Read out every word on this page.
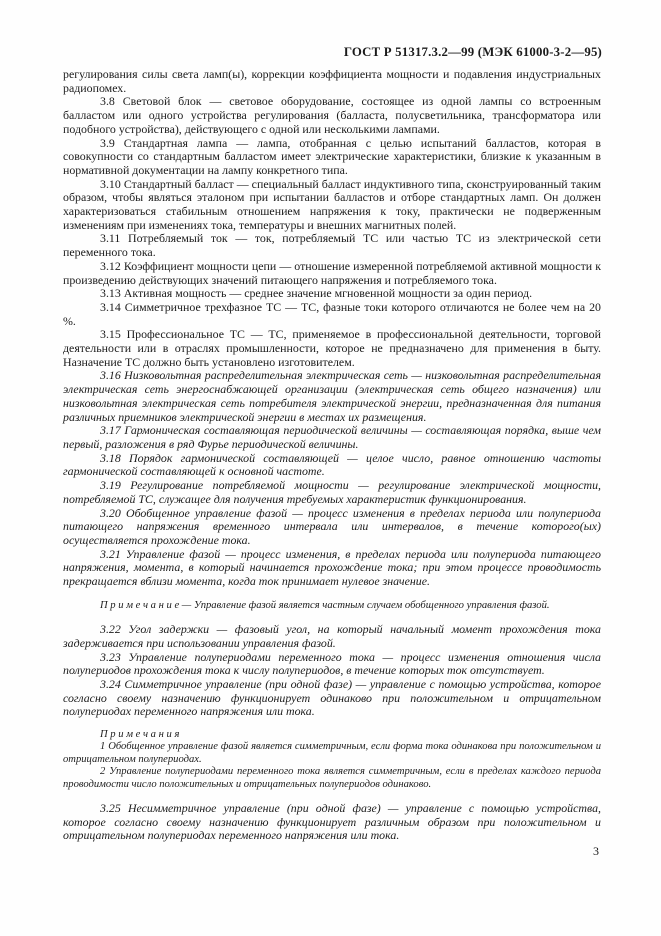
ГОСТ Р 51317.3.2—99 (МЭК 61000-3-2—95)

регулирования силы света ламп(ы), коррекции коэффициента мощности и подавления индустриальных радиопомех.

3.8 Световой блок — световое оборудование, состоящее из одной лампы со встроенным балластом или одного устройства регулирования (балласта, полусветильника, трансформатора или подобного устройства), действующего с одной или несколькими лампами.

3.9 Стандартная лампа — лампа, отобранная с целью испытаний балластов, которая в совокупности со стандартным балластом имеет электрические характеристики, близкие к указанным в нормативной документации на лампу конкретного типа.

3.10 Стандартный балласт — специальный балласт индуктивного типа, сконструированный таким образом, чтобы являться эталоном при испытании балластов и отборе стандартных ламп. Он должен характеризоваться стабильным отношением напряжения к току, практически не подверженным изменениям при изменениях тока, температуры и внешних магнитных полей.

3.11 Потребляемый ток — ток, потребляемый ТС или частью ТС из электрической сети переменного тока.

3.12 Коэффициент мощности цепи — отношение измеренной потребляемой активной мощности к произведению действующих значений питающего напряжения и потребляемого тока.

3.13 Активная мощность — среднее значение мгновенной мощности за один период.

3.14 Симметричное трехфазное ТС — ТС, фазные токи которого отличаются не более чем на 20 %.

3.15 Профессиональное ТС — ТС, применяемое в профессиональной деятельности, торговой деятельности или в отраслях промышленности, которое не предназначено для применения в быту. Назначение ТС должно быть установлено изготовителем.

3.16 Низковольтная распределительная электрическая сеть — низковольтная распределительная электрическая сеть энергоснабжающей организации (электрическая сеть общего назначения) или низковольтная электрическая сеть потребителя электрической энергии, предназначенная для питания различных приемников электрической энергии в местах их размещения.

3.17 Гармоническая составляющая периодической величины — составляющая порядка, выше чем первый, разложения в ряд Фурье периодической величины.

3.18 Порядок гармонической составляющей — целое число, равное отношению частоты гармонической составляющей к основной частоте.

3.19 Регулирование потребляемой мощности — регулирование электрической мощности, потребляемой ТС, служащее для получения требуемых характеристик функционирования.

3.20 Обобщенное управление фазой — процесс изменения в пределах периода или полупериода питающего напряжения временного интервала или интервалов, в течение которого(ых) осуществляется прохождение тока.

3.21 Управление фазой — процесс изменения, в пределах периода или полупериода питающего напряжения, момента, в который начинается прохождение тока; при этом процессе проводимость прекращается вблизи момента, когда ток принимает нулевое значение.

П р и м е ч а н и е — Управление фазой является частным случаем обобщенного управления фазой.

3.22 Угол задержки — фазовый угол, на который начальный момент прохождения тока задерживается при использовании управления фазой.

3.23 Управление полупериодами переменного тока — процесс изменения отношения числа полупериодов прохождения тока к числу полупериодов, в течение которых ток отсутствует.

3.24 Симметричное управление (при одной фазе) — управление с помощью устройства, которое согласно своему назначению функционирует одинаково при положительном и отрицательном полупериодах переменного напряжения или тока.

П р и м е ч а н и я

1 Обобщенное управление фазой является симметричным, если форма тока одинакова при положительном и отрицательном полупериодах.

2 Управление полупериодами переменного тока является симметричным, если в пределах каждого периода проводимости число положительных и отрицательных полупериодов одинаково.

3.25 Несимметричное управление (при одной фазе) — управление с помощью устройства, которое согласно своему назначению функционирует различным образом при положительном и отрицательном полупериодах переменного напряжения или тока.

3
